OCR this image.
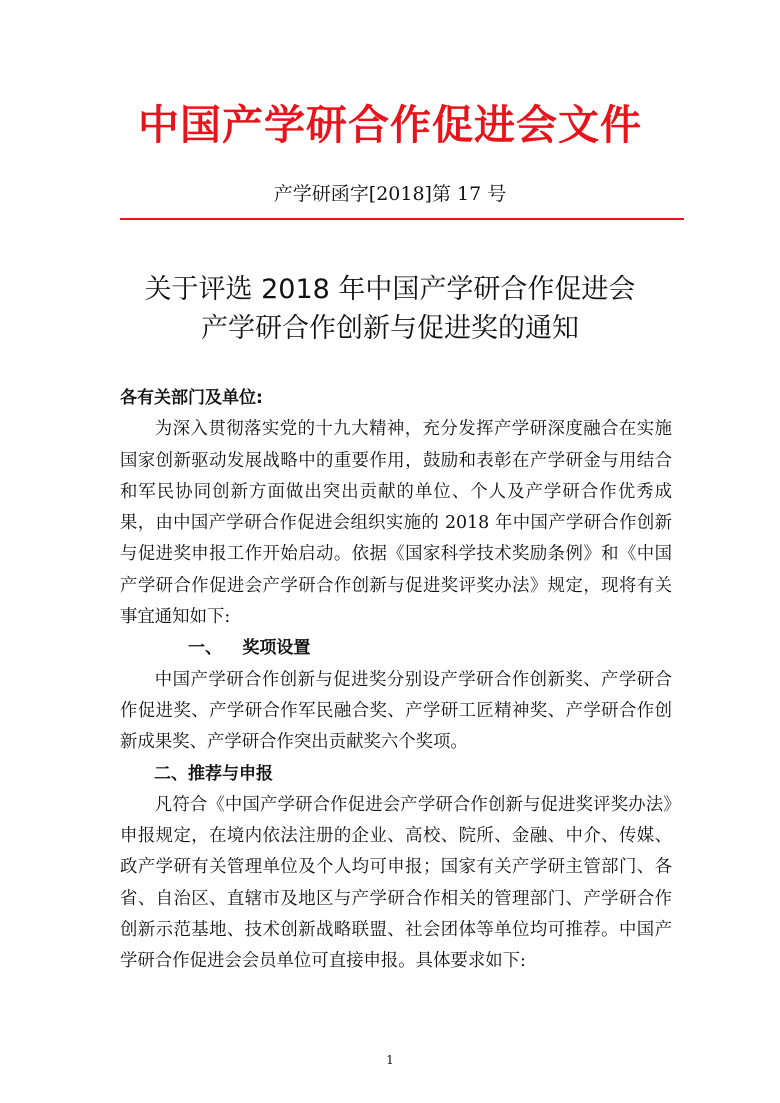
中国产学研合作促进会文件
产学研函字[2018]第 17 号
关于评选 2018 年中国产学研合作促进会
产学研合作创新与促进奖的通知
各有关部门及单位:
为深入贯彻落实党的十九大精神，充分发挥产学研深度融合在实施国家创新驱动发展战略中的重要作用，鼓励和表彰在产学研金与用结合和军民协同创新方面做出突出贡献的单位、个人及产学研合作优秀成果，由中国产学研合作促进会组织实施的 2018 年中国产学研合作创新与促进奖申报工作开始启动。依据《国家科学技术奖励条例》和《中国产学研合作促进会产学研合作创新与促进奖评奖办法》规定，现将有关事宜通知如下:
一、 奖项设置
中国产学研合作创新与促进奖分别设产学研合作创新奖、产学研合作促进奖、产学研合作军民融合奖、产学研工匠精神奖、产学研合作创新成果奖、产学研合作突出贡献奖六个奖项。
二、推荐与申报
凡符合《中国产学研合作促进会产学研合作创新与促进奖评奖办法》申报规定，在境内依法注册的企业、高校、院所、金融、中介、传媒、政产学研有关管理单位及个人均可申报；国家有关产学研主管部门、各省、自治区、直辖市及地区与产学研合作相关的管理部门、产学研合作创新示范基地、技术创新战略联盟、社会团体等单位均可推荐。中国产学研合作促进会会员单位可直接申报。具体要求如下:
1
